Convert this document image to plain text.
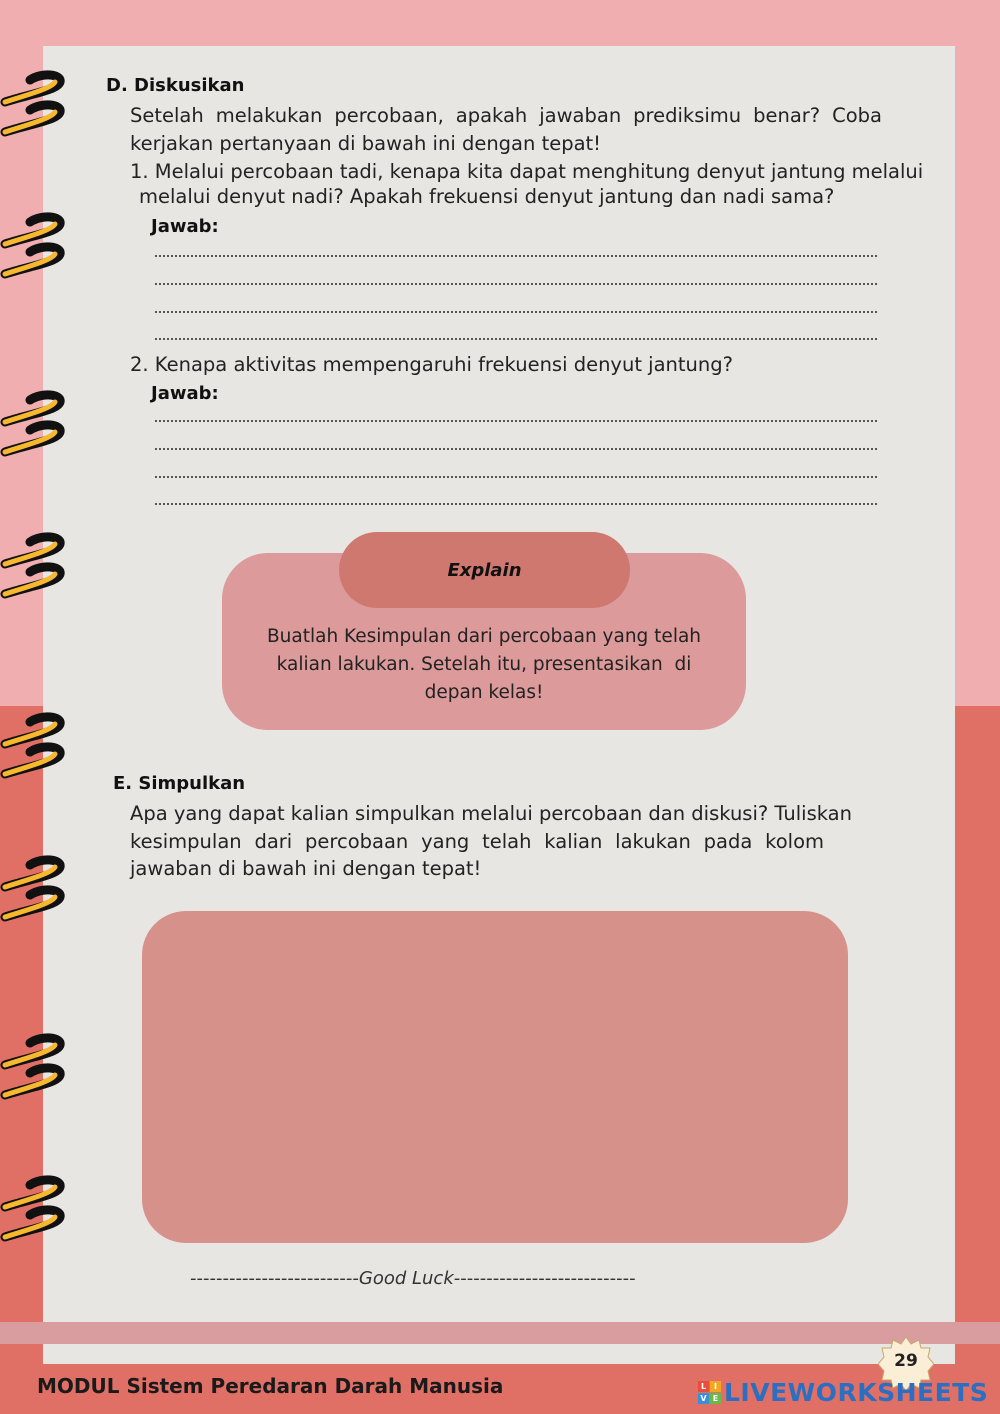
D. Diskusikan
Setelah melakukan percobaan, apakah jawaban prediksimu benar? Coba
kerjakan pertanyaan di bawah ini dengan tepat!
1. Melalui percobaan tadi, kenapa kita dapat menghitung denyut jantung melalui
melalui denyut nadi? Apakah frekuensi denyut jantung dan nadi sama?
Jawab:
2. Kenapa aktivitas mempengaruhi frekuensi denyut jantung?
Jawab:
Explain
Buatlah Kesimpulan dari percobaan yang telah
kalian lakukan. Setelah itu, presentasikan  di
depan kelas!
E. Simpulkan
Apa yang dapat kalian simpulkan melalui percobaan dan diskusi? Tuliskan
kesimpulan dari percobaan yang telah kalian lakukan pada kolom
jawaban di bawah ini dengan tepat!
--------------------------Good Luck----------------------------
MODUL Sistem Peredaran Darah Manusia
29
L I
V E LIVEWORKSHEETS
